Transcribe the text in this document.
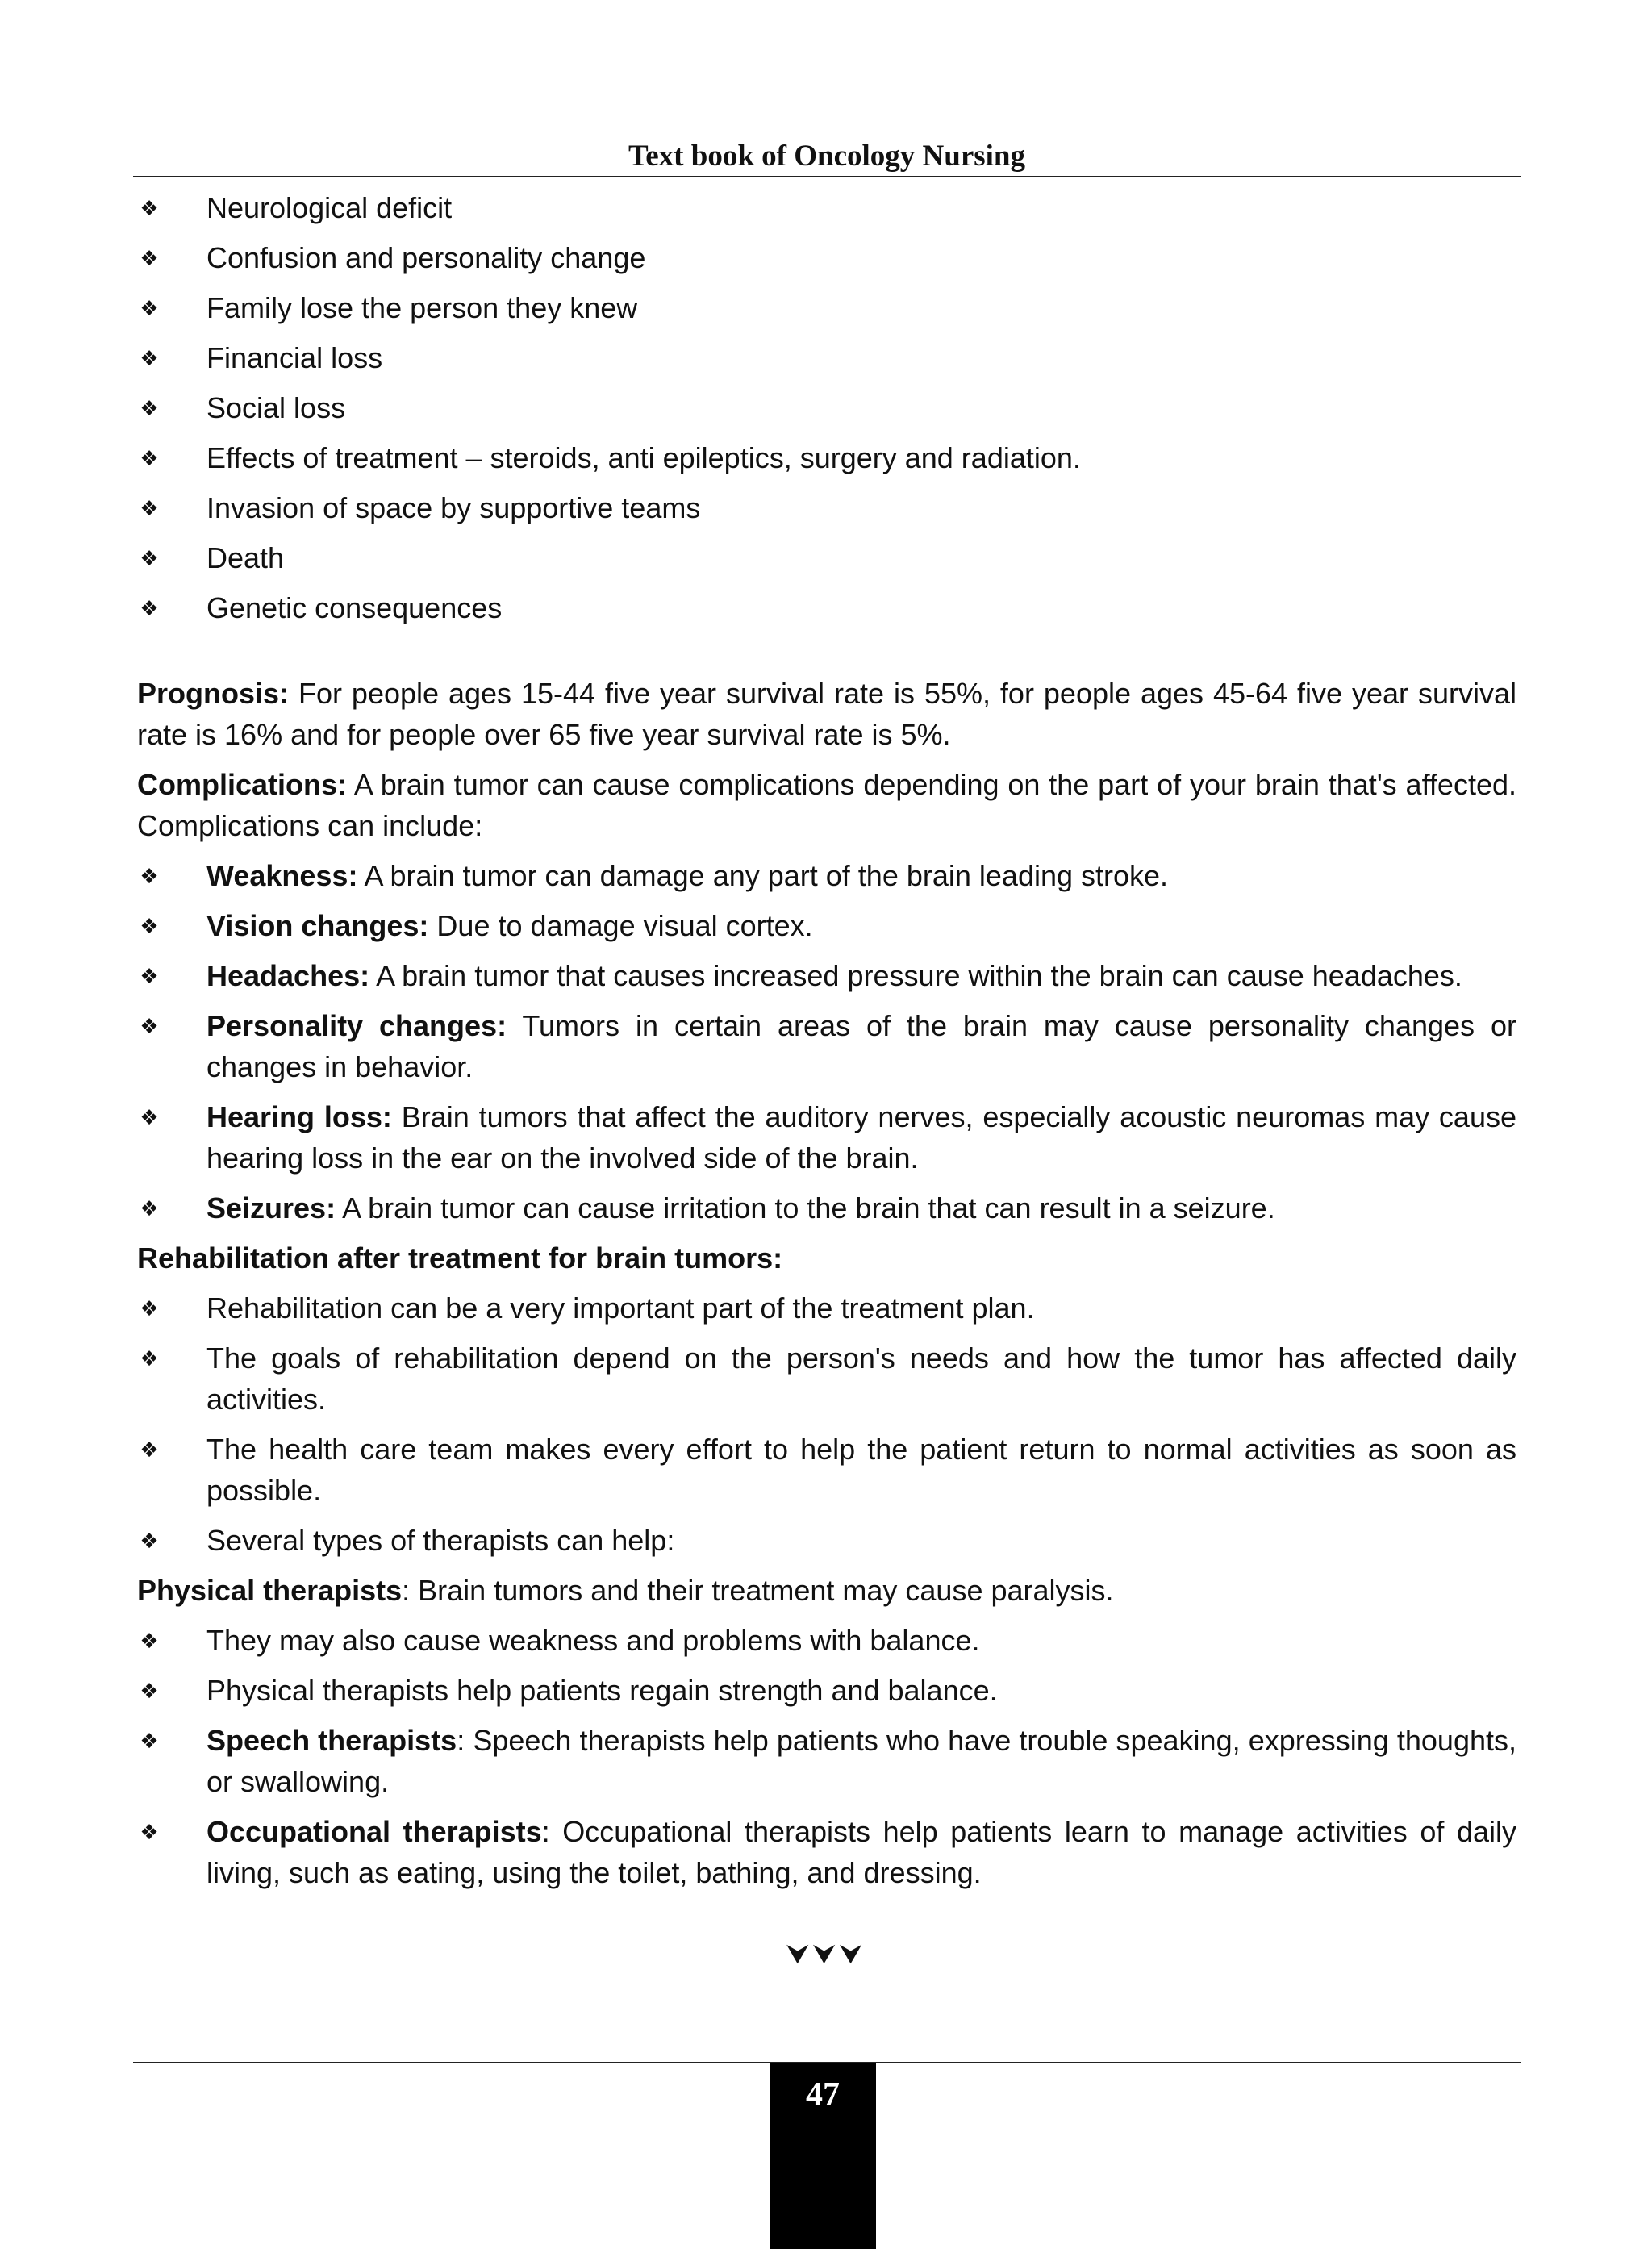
Text book of Oncology Nursing
❖ Neurological deficit
❖ Confusion and personality change
❖ Family lose the person they knew
❖ Financial loss
❖ Social loss
❖ Effects of treatment – steroids, anti epileptics, surgery and radiation.
❖ Invasion of space by supportive teams
❖ Death
❖ Genetic consequences

Prognosis: For people ages 15-44 five year survival rate is 55%, for people ages 45-64 five year survival rate is 16% and for people over 65 five year survival rate is 5%.

Complications: A brain tumor can cause complications depending on the part of your brain that's affected. Complications can include:

❖ Weakness: A brain tumor can damage any part of the brain leading stroke.
❖ Vision changes: Due to damage visual cortex.
❖ Headaches: A brain tumor that causes increased pressure within the brain can cause headaches.
❖ Personality changes: Tumors in certain areas of the brain may cause personality changes or changes in behavior.
❖ Hearing loss: Brain tumors that affect the auditory nerves, especially acoustic neuromas may cause hearing loss in the ear on the involved side of the brain.
❖ Seizures: A brain tumor can cause irritation to the brain that can result in a seizure.
Rehabilitation after treatment for brain tumors:
❖ Rehabilitation can be a very important part of the treatment plan.
❖ The goals of rehabilitation depend on the person's needs and how the tumor has affected daily activities.
❖ The health care team makes every effort to help the patient return to normal activities as soon as possible.
❖ Several types of therapists can help:

Physical therapists: Brain tumors and their treatment may cause paralysis.

❖ They may also cause weakness and problems with balance.
❖ Physical therapists help patients regain strength and balance.
❖ Speech therapists: Speech therapists help patients who have trouble speaking, expressing thoughts, or swallowing.
❖ Occupational therapists: Occupational therapists help patients learn to manage activities of daily living, such as eating, using the toilet, bathing, and dressing.
⮟⮟⮟
47
